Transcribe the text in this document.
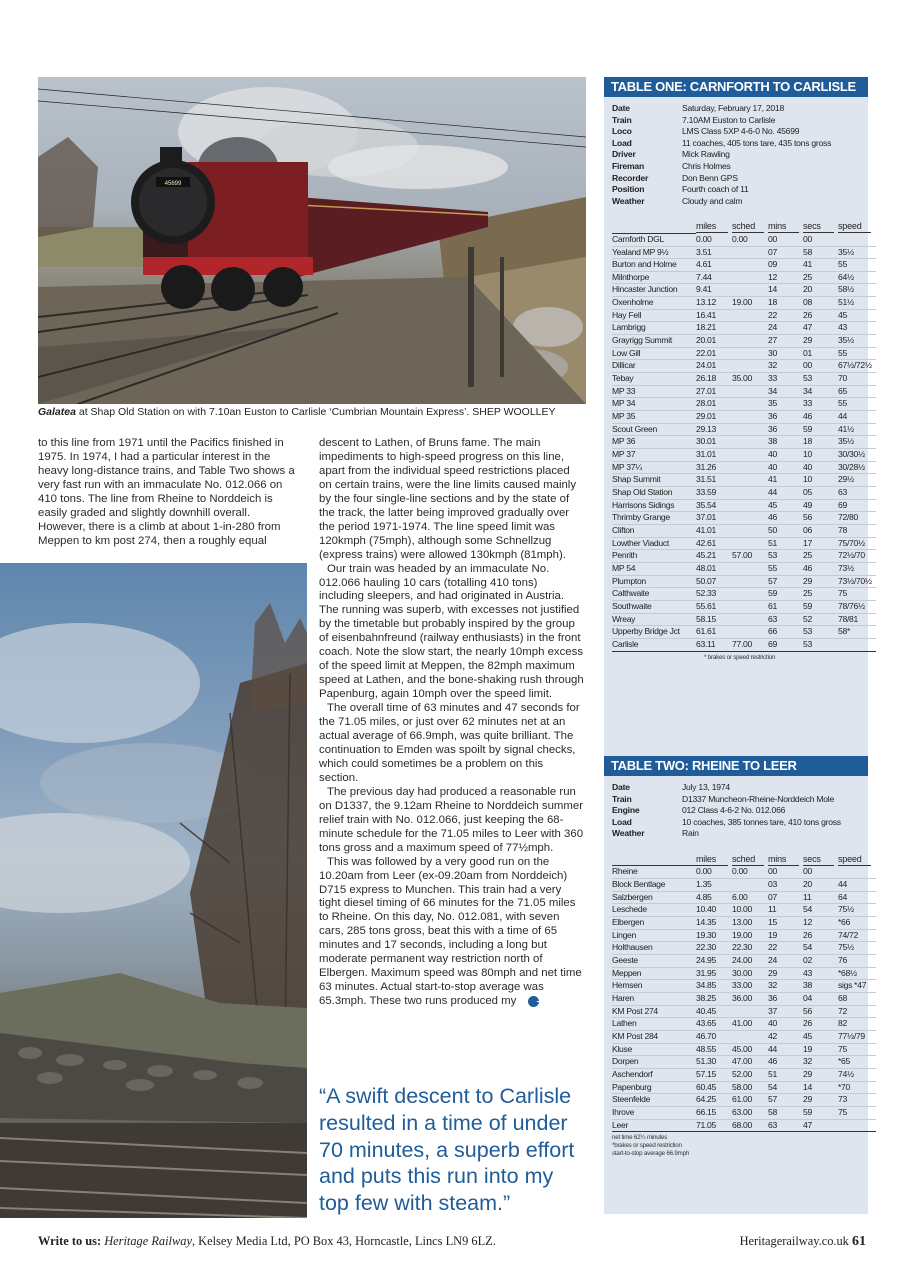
45699
Galatea at Shap Old Station on with 7.10an Euston to Carlisle ‘Cumbrian Mountain Express’. SHEP WOOLLEY

to this line from 1971 until the Pacifics finished in 1975. In 1974, I had a particular interest in the heavy long-distance trains, and Table Two shows a very fast run with an immaculate No. 012.066 on 410 tons. The line from Rheine to Norddeich is easily graded and slightly downhill overall. However, there is a climb at about 1-in-280 from Meppen to km post 274, then a roughly equal

descent to Lathen, of Bruns fame. The main impediments to high-speed progress on this line, apart from the individual speed restrictions placed on certain trains, were the line limits caused mainly by the four single-line sections and by the state of the track, the latter being improved gradually over the period 1971-1974. The line speed limit was 120kmph (75mph), although some Schnellzug (express trains) were allowed 130kmph (81mph).

Our train was headed by an immaculate No. 012.066 hauling 10 cars (totalling 410 tons) including sleepers, and had originated in Austria. The running was superb, with excesses not justified by the timetable but probably inspired by the group of eisenbahnfreund (railway enthusiasts) in the front coach. Note the slow start, the nearly 10mph excess of the speed limit at Meppen, the 82mph maximum speed at Lathen, and the bone-shaking rush through Papenburg, again 10mph over the speed limit.

The overall time of 63 minutes and 47 seconds for the 71.05 miles, or just over 62 minutes net at an actual average of 66.9mph, was quite brilliant. The continuation to Emden was spoilt by signal checks, which could sometimes be a problem on this section.

The previous day had produced a reasonable run on D1337, the 9.12am Rheine to Norddeich summer relief train with No. 012.066, just keeping the 68-minute schedule for the 71.05 miles to Leer with 360 tons gross and a maximum speed of 77½mph.

This was followed by a very good run on the 10.20am from Leer (ex-09.20am from Norddeich) D715 express to Munchen. This train had a very tight diesel timing of 66 minutes for the 71.05 miles to Rheine. On this day, No. 012.081, with seven cars, 285 tons gross, beat this with a time of 65 minutes and 17 seconds, including a long but moderate permanent way restriction north of Elbergen. Maximum speed was 80mph and net time 63 minutes. Actual start-to-stop average was 65.3mph. These two runs produced my	➔

“A swift descent to Carlisle resulted in a time of under 70 minutes, a superb effort and puts this run into my top few with steam.”
TABLE ONE: CARNFORTH TO CARLISLE
Date	Saturday, February 17, 2018
Train	7.10AM Euston to Carlisle
Loco	LMS Class 5XP 4-6-0 No. 45699
Load	11 coaches, 405 tons tare, 435 tons gross
Driver	Mick Rawling
Fireman	Chris Holmes
Recorder	Don Benn GPS
Position	Fourth coach of 11
Weather	Cloudy and calm
	miles	sched	mins	secs	speed
Carnforth DGL	0.00	0.00	00	00	
Yealand MP 9½	3.51		07	58	35½
Burton and Holme	4.61		09	41	55
Milnthorpe	7.44		12	25	64½
Hincaster Junction	9.41		14	20	58½
Oxenholme	13.12	19.00	18	08	51½
Hay Fell	16.41		22	26	45
Lambrigg	18.21		24	47	43
Grayrigg Summit	20.01		27	29	35½
Low Gill	22.01		30	01	55
Dillicar	24.01		32	00	67½/72½
Tebay	26.18	35.00	33	53	70
MP 33	27.01		34	34	65
MP 34	28.01		35	33	55
MP 35	29.01		36	46	44
Scout Green	29.13		36	59	41½
MP 36	30.01		38	18	35½
MP 37	31.01		40	10	30/30½
MP 37¼	31.26		40	40	30/28½
Shap Summit	31.51		41	10	29½
Shap Old Station	33.59		44	05	63
Harrisons Sidings	35.54		45	49	69
Thrimby Grange	37.01		46	56	72/80
Clifton	41.01		50	06	78
Lowther Viaduct	42.61		51	17	75/70½
Penrith	45.21	57.00	53	25	72½/70
MP 54	48.01		55	46	73½
Plumpton	50.07		57	29	73½/70½
Calthwaite	52.33		59	25	75
Southwaite	55.61		61	59	78/76½
Wreay	58.15		63	52	78/81
Upperby Bridge Jct	61.61		66	53	58*
Carlisle	63.11	77.00	69	53	
* brakes or speed restriction
TABLE TWO: RHEINE TO LEER
Date	July 13, 1974
Train	D1337 Muncheon-Rheine-Norddeich Mole
Engine	012 Class 4-6-2 No. 012.066
Load	10 coaches, 385 tonnes tare, 410 tons gross
Weather	Rain
	miles	sched	mins	secs	speed
Rheine	0.00	0.00	00	00	
Block Bentlage	1.35		03	20	44
Salzbergen	4.85	6.00	07	11	64
Leschede	10.40	10.00	11	54	75½
Elbergen	14.35	13.00	15	12	*66
Lingen	19.30	19.00	19	26	74/72
Holthausen	22.30	22.30	22	54	75½
Geeste	24.95	24.00	24	02	76
Meppen	31.95	30.00	29	43	*68½
Hemsen	34.85	33.00	32	38	sigs *47
Haren	38.25	36.00	36	04	68
KM Post 274	40.45		37	56	72
Lathen	43.65	41.00	40	26	82
KM Post 284	46.70		42	45	77½/79
Kluse	48.55	45.00	44	19	75
Dorpen	51.30	47.00	46	32	*65
Aschendorf	57.15	52.00	51	29	74½
Papenburg	60.45	58.00	54	14	*70
Steenfelde	64.25	61.00	57	29	73
Ihrove	66.15	63.00	58	59	75
Leer	71.05	68.00	63	47	
net time 62¼ minutes
*brakes or speed restriction
start-to-stop average 66.9mph
Write to us: Heritage Railway, Kelsey Media Ltd, PO Box 43, Horncastle, Lincs LN9 6LZ.	Heritagerailway.co.uk 61
